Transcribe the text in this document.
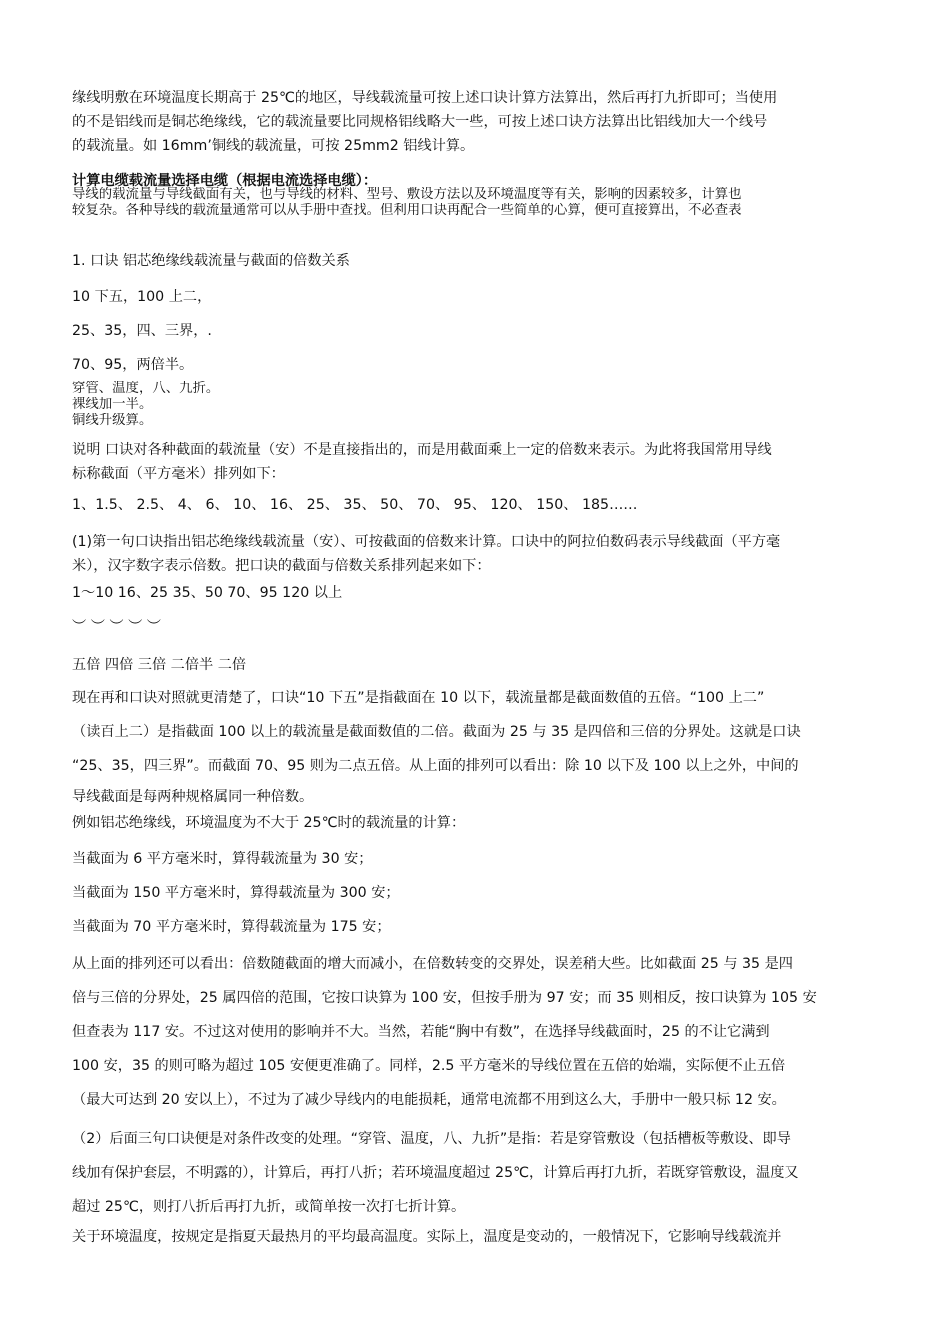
缘线明敷在环境温度长期高于 25℃的地区，导线载流量可按上述口诀计算方法算出，然后再打九折即可；当使用
的不是铝线而是铜芯绝缘线，它的载流量要比同规格铝线略大一些，可按上述口诀方法算出比铝线加大一个线号
的载流量。如 16mm’铜线的载流量，可按 25mm2 铝线计算。
计算电缆载流量选择电缆（根据电流选择电缆）：
导线的载流量与导线截面有关，也与导线的材料、型号、敷设方法以及环境温度等有关，影响的因素较多，计算也
较复杂。各种导线的载流量通常可以从手册中查找。但利用口诀再配合一些简单的心算，便可直接算出，不必查表
1. 口诀 铝芯绝缘线载流量与截面的倍数关系
10 下五，100 上二，
25、35，四、三界，.
70、95，两倍半。
穿管、温度，八、九折。
裸线加一半。
铜线升级算。
说明 口诀对各种截面的载流量（安）不是直接指出的，而是用截面乘上一定的倍数来表示。为此将我国常用导线
标称截面（平方毫米）排列如下：
1、1.5、 2.5、 4、 6、 10、 16、 25、 35、 50、 70、 95、 120、 150、 185……
(1)第一句口诀指出铝芯绝缘线载流量（安）、可按截面的倍数来计算。口诀中的阿拉伯数码表示导线截面（平方毫
米），汉字数字表示倍数。把口诀的截面与倍数关系排列起来如下：
1～10 16、25 35、50 70、95 120 以上
︶ ︶ ︶ ︶ ︶
五倍 四倍 三倍 二倍半 二倍
现在再和口诀对照就更清楚了，口诀“10 下五”是指截面在 10 以下，载流量都是截面数值的五倍。“100 上二”
（读百上二）是指截面 100 以上的载流量是截面数值的二倍。截面为 25 与 35 是四倍和三倍的分界处。这就是口诀
“25、35，四三界”。而截面 70、95 则为二点五倍。从上面的排列可以看出：除 10 以下及 100 以上之外，中间的
导线截面是每两种规格属同一种倍数。
例如铝芯绝缘线，环境温度为不大于 25℃时的载流量的计算：
当截面为 6 平方毫米时，算得载流量为 30 安；
当截面为 150 平方毫米时，算得载流量为 300 安；
当截面为 70 平方毫米时，算得载流量为 175 安；
从上面的排列还可以看出：倍数随截面的增大而减小，在倍数转变的交界处，误差稍大些。比如截面 25 与 35 是四
倍与三倍的分界处，25 属四倍的范围，它按口诀算为 100 安，但按手册为 97 安；而 35 则相反，按口诀算为 105 安
但查表为 117 安。不过这对使用的影响并不大。当然，若能“胸中有数”，在选择导线截面时，25 的不让它满到
100 安，35 的则可略为超过 105 安便更准确了。同样，2.5 平方毫米的导线位置在五倍的始端，实际便不止五倍
（最大可达到 20 安以上），不过为了减少导线内的电能损耗，通常电流都不用到这么大，手册中一般只标 12 安。
（2）后面三句口诀便是对条件改变的处理。“穿管、温度，八、九折”是指：若是穿管敷设（包括槽板等敷设、即导
线加有保护套层，不明露的），计算后，再打八折；若环境温度超过 25℃，计算后再打九折，若既穿管敷设，温度又
超过 25℃，则打八折后再打九折，或简单按一次打七折计算。
关于环境温度，按规定是指夏天最热月的平均最高温度。实际上，温度是变动的，一般情况下，它影响导线载流并
